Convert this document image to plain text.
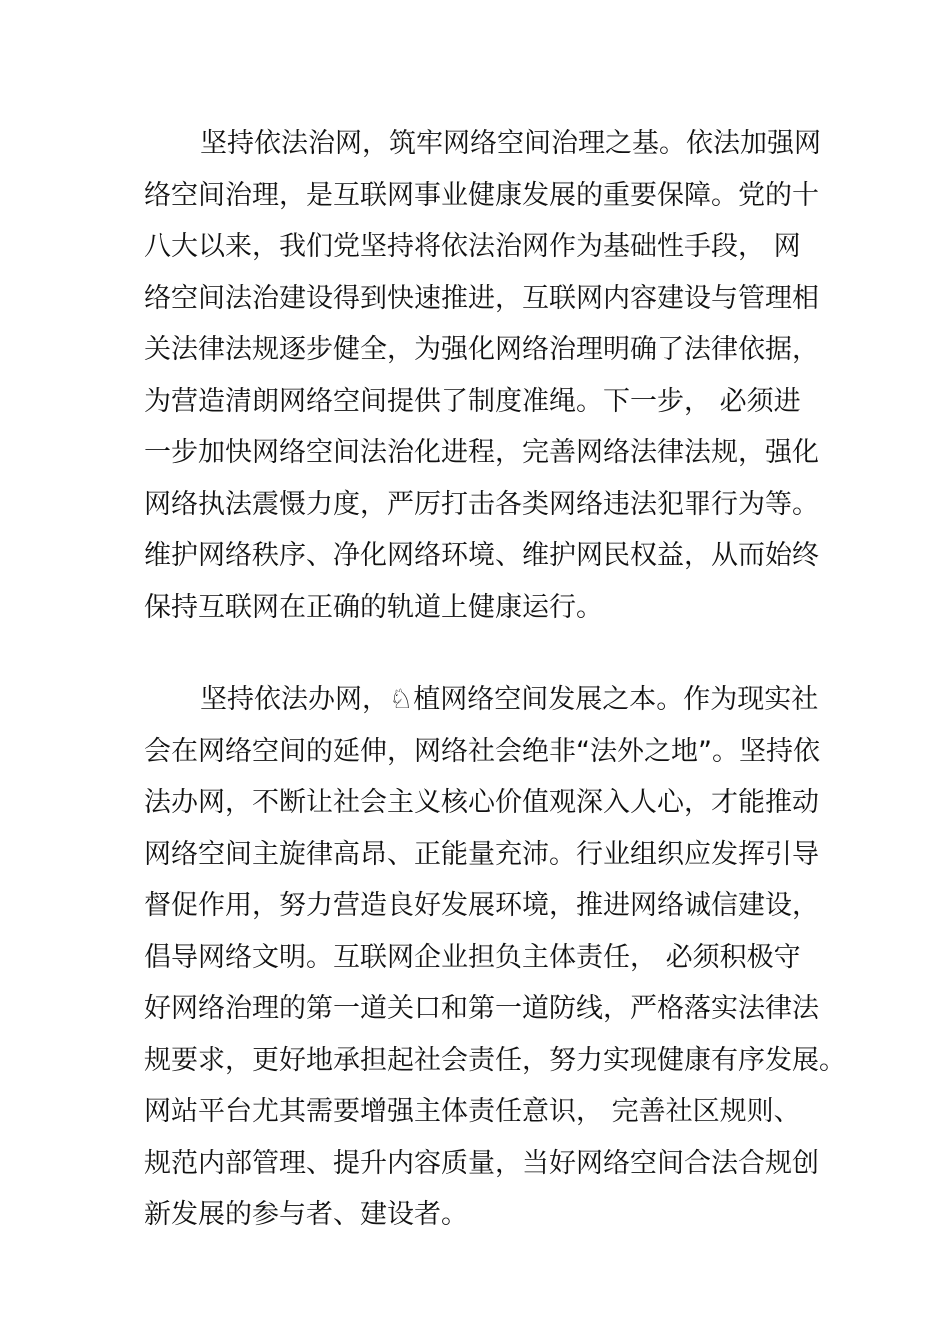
坚持依法治网，筑牢网络空间治理之基。依法加强网
络空间治理，是互联网事业健康发展的重要保障。党的十
八大以来，我们党坚持将依法治网作为基础性手段， 网
络空间法治建设得到快速推进，互联网内容建设与管理相
关法律法规逐步健全，为强化网络治理明确了法律依据，
为营造清朗网络空间提供了制度准绳。下一步， 必须进
一步加快网络空间法治化进程，完善网络法律法规，强化
网络执法震慑力度，严厉打击各类网络违法犯罪行为等。
维护网络秩序、净化网络环境、维护网民权益，从而始终
保持互联网在正确的轨道上健康运行。
坚持依法办网，♘植网络空间发展之本。作为现实社
会在网络空间的延伸，网络社会绝非“法外之地”。坚持依
法办网，不断让社会主义核心价值观深入人心，才能推动
网络空间主旋律高昂、正能量充沛。行业组织应发挥引导
督促作用，努力营造良好发展环境，推进网络诚信建设，
倡导网络文明。互联网企业担负主体责任， 必须积极守
好网络治理的第一道关口和第一道防线，严格落实法律法
规要求，更好地承担起社会责任，努力实现健康有序发展。
网站平台尤其需要增强主体责任意识， 完善社区规则、
规范内部管理、提升内容质量，当好网络空间合法合规创
新发展的参与者、建设者。
